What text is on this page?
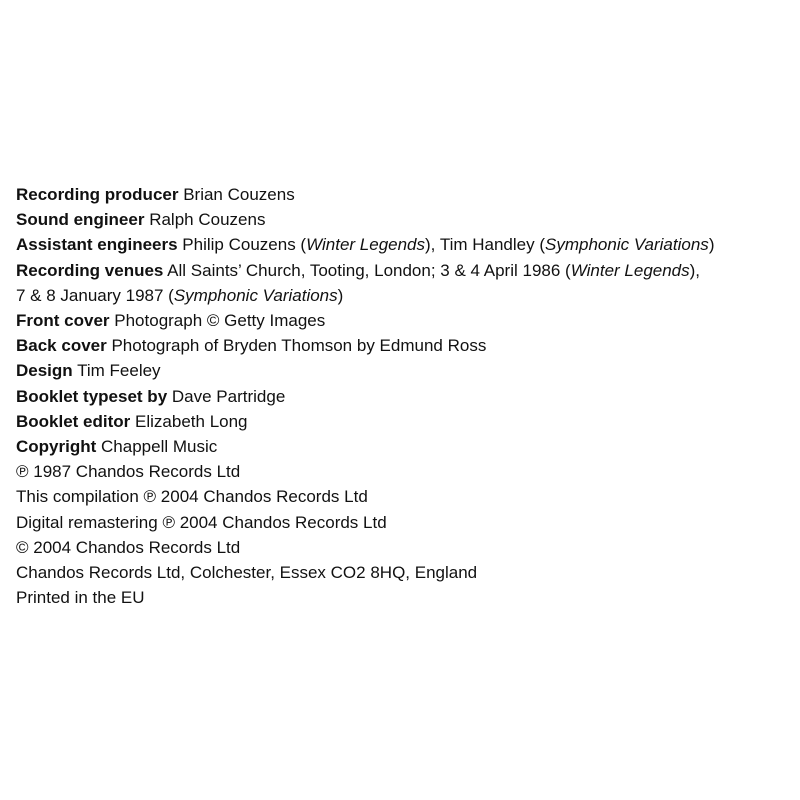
Recording producer Brian Couzens
Sound engineer Ralph Couzens
Assistant engineers Philip Couzens (Winter Legends), Tim Handley (Symphonic Variations)
Recording venues All Saints’ Church, Tooting, London; 3 & 4 April 1986 (Winter Legends),
7 & 8 January 1987 (Symphonic Variations)
Front cover Photograph © Getty Images
Back cover Photograph of Bryden Thomson by Edmund Ross
Design Tim Feeley
Booklet typeset by Dave Partridge
Booklet editor Elizabeth Long
Copyright Chappell Music
℗ 1987 Chandos Records Ltd
This compilation ℗ 2004 Chandos Records Ltd
Digital remastering ℗ 2004 Chandos Records Ltd
© 2004 Chandos Records Ltd
Chandos Records Ltd, Colchester, Essex CO2 8HQ, England
Printed in the EU
